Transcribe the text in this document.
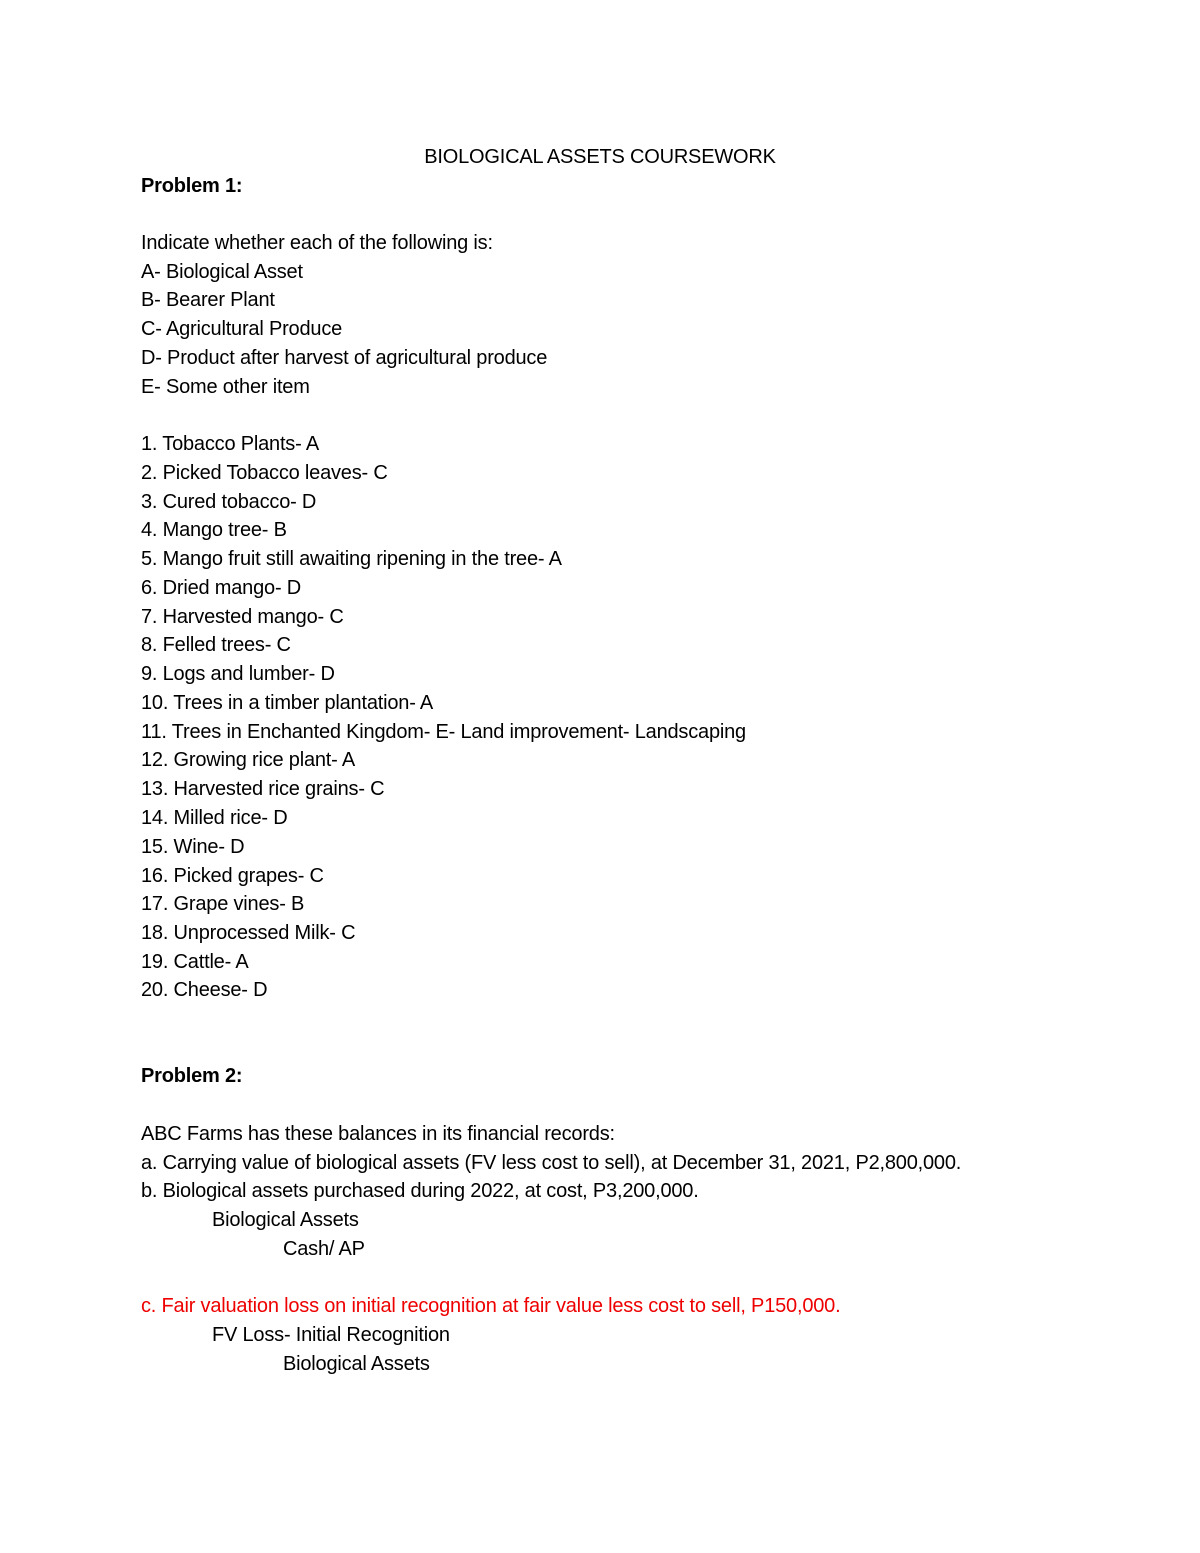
BIOLOGICAL ASSETS COURSEWORK
Problem 1:
Indicate whether each of the following is:
A- Biological Asset
B- Bearer Plant
C- Agricultural Produce
D- Product after harvest of agricultural produce
E- Some other item
1. Tobacco Plants- A
2. Picked Tobacco leaves- C
3. Cured tobacco- D
4. Mango tree- B
5. Mango fruit still awaiting ripening in the tree- A
6. Dried mango- D
7. Harvested mango- C
8. Felled trees- C
9. Logs and lumber- D
10. Trees in a timber plantation- A
11. Trees in Enchanted Kingdom- E- Land improvement- Landscaping
12. Growing rice plant- A
13. Harvested rice grains- C
14. Milled rice- D
15. Wine- D
16. Picked grapes- C
17. Grape vines- B
18. Unprocessed Milk- C
19. Cattle- A
20. Cheese- D
Problem 2:
ABC Farms has these balances in its financial records:
a. Carrying value of biological assets (FV less cost to sell), at December 31, 2021, P2,800,000.
b. Biological assets purchased during 2022, at cost, P3,200,000.
Biological Assets
Cash/ AP
c. Fair valuation loss on initial recognition at fair value less cost to sell, P150,000.
FV Loss- Initial Recognition
Biological Assets
